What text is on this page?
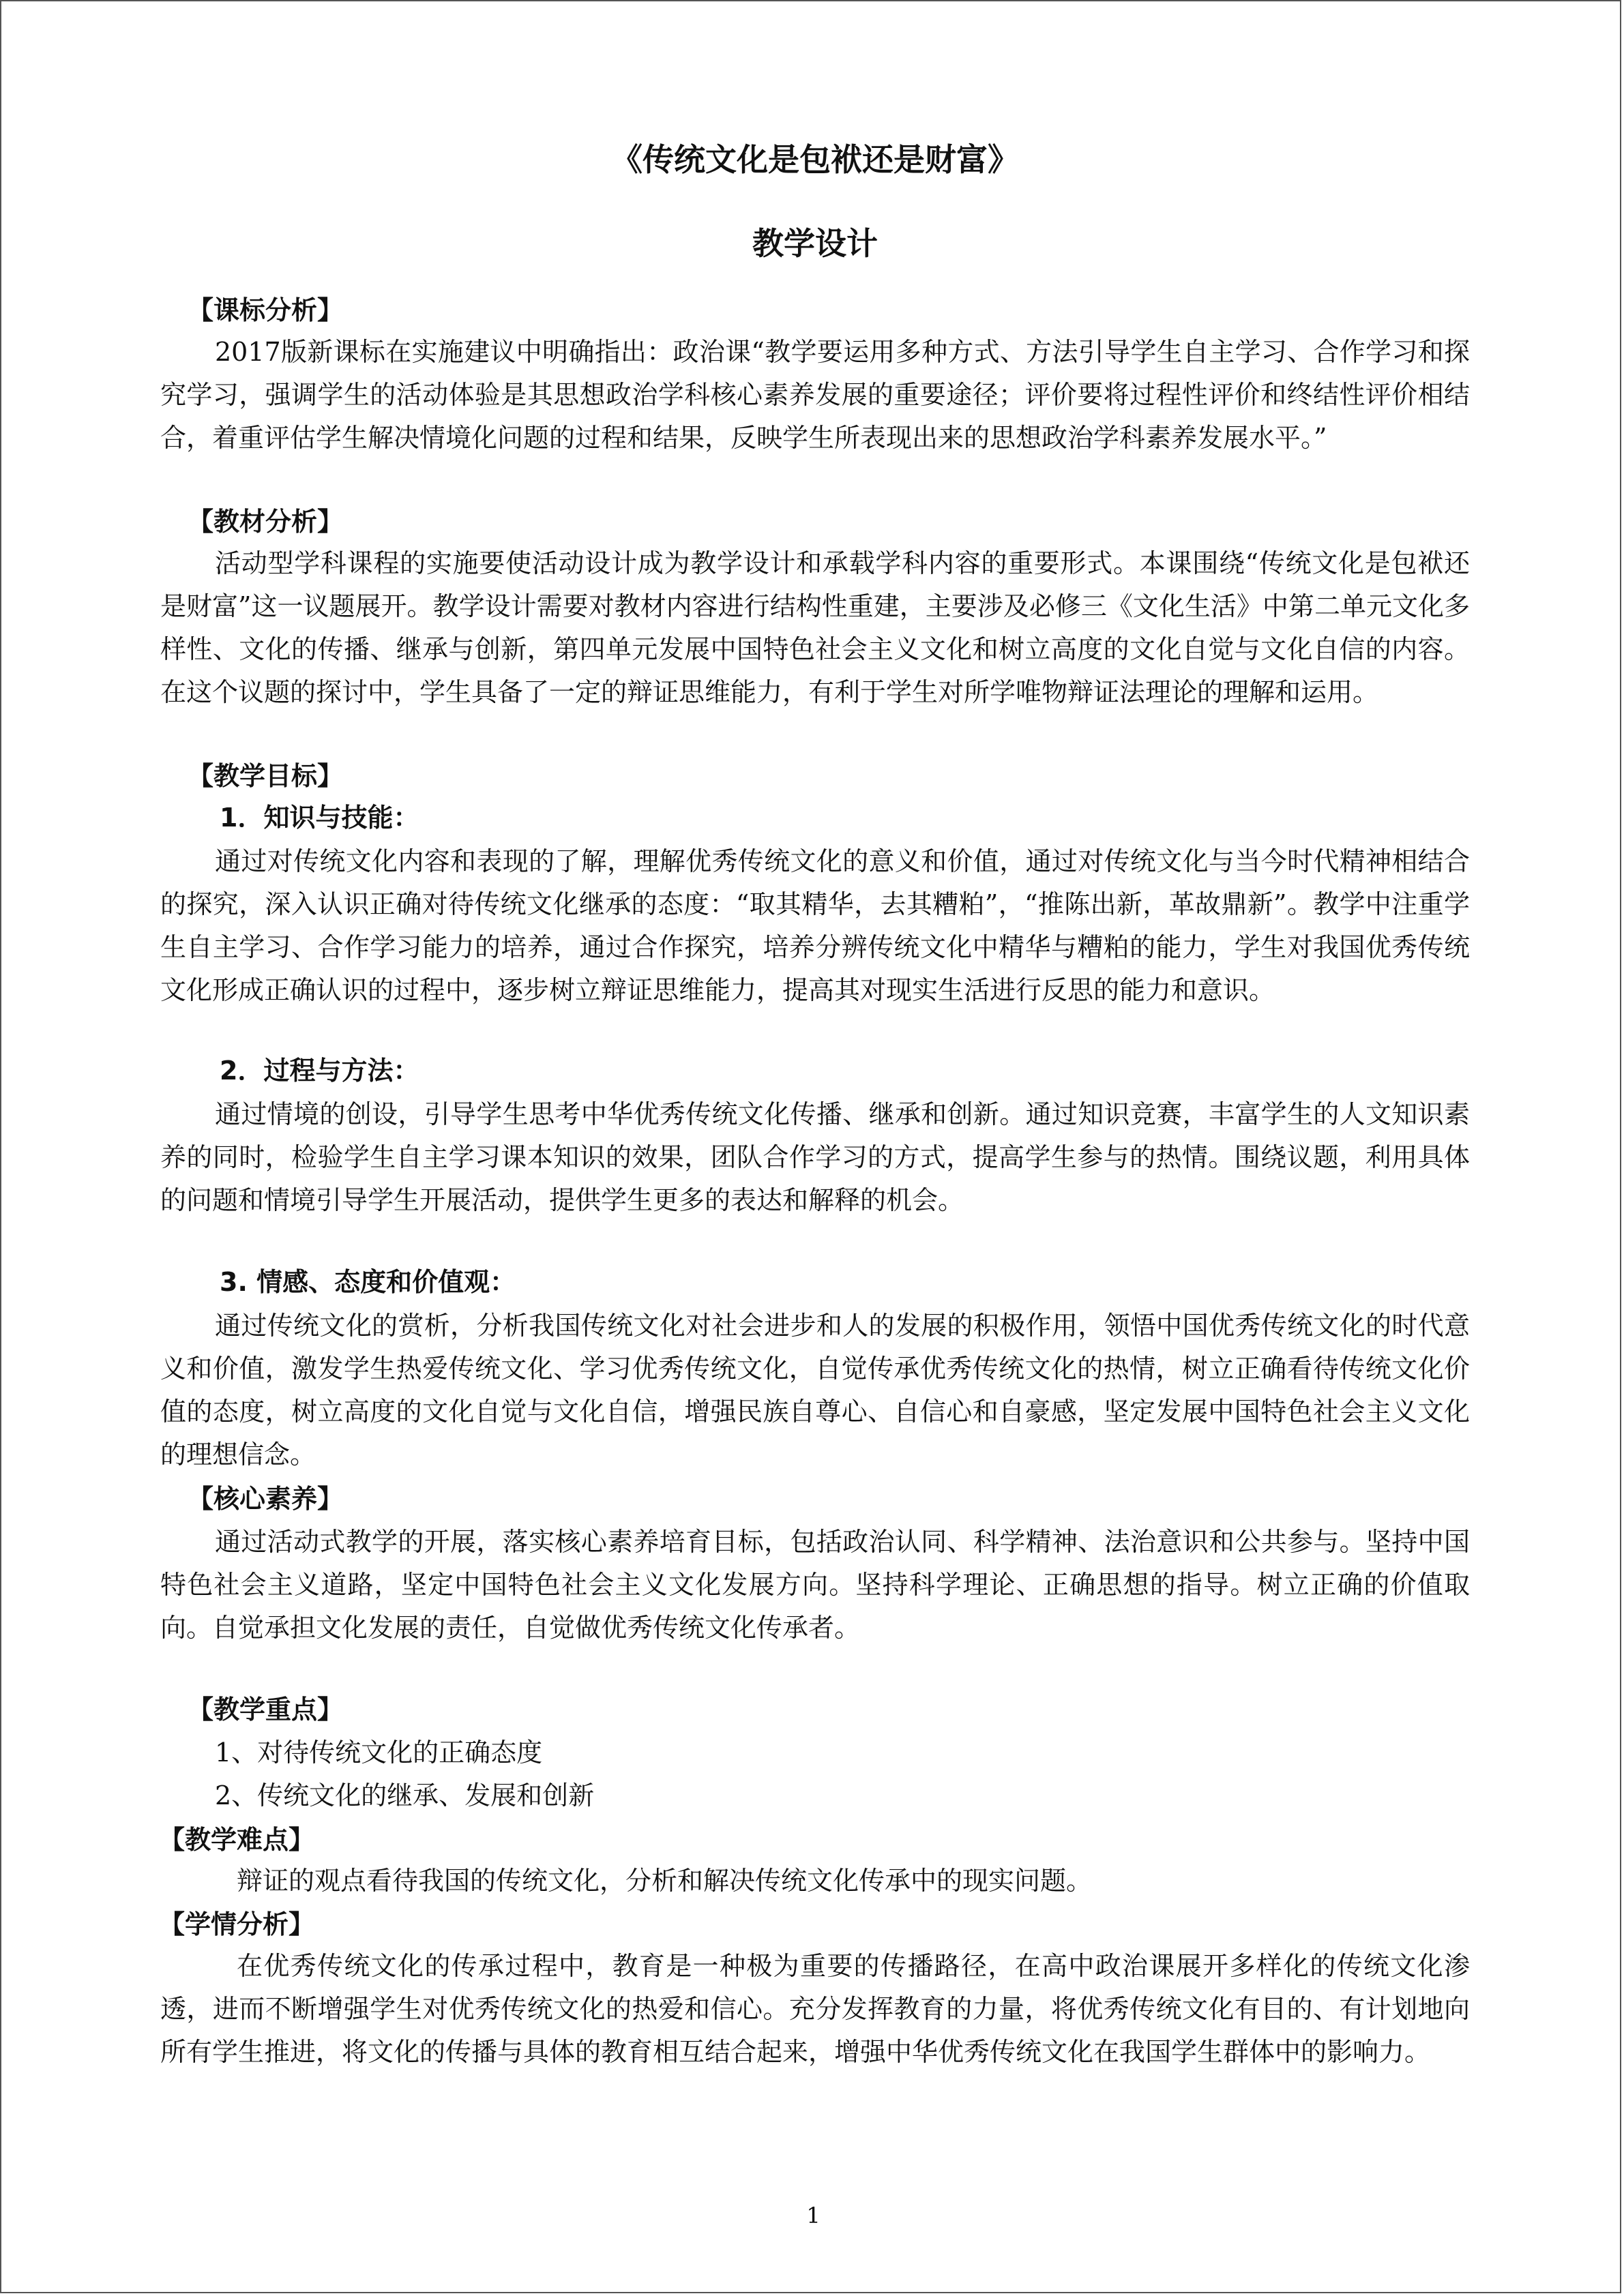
《传统文化是包袱还是财富》
教学设计
【课标分析】
2017版新课标在实施建议中明确指出：政治课“教学要运用多种方式、方法引导学生自主学习、合作学习和探究学习，强调学生的活动体验是其思想政治学科核心素养发展的重要途径；评价要将过程性评价和终结性评价相结合，着重评估学生解决情境化问题的过程和结果，反映学生所表现出来的思想政治学科素养发展水平。”
【教材分析】
活动型学科课程的实施要使活动设计成为教学设计和承载学科内容的重要形式。本课围绕“传统文化是包袱还是财富”这一议题展开。教学设计需要对教材内容进行结构性重建，主要涉及必修三《文化生活》中第二单元文化多样性、文化的传播、继承与创新，第四单元发展中国特色社会主义文化和树立高度的文化自觉与文化自信的内容。在这个议题的探讨中，学生具备了一定的辩证思维能力，有利于学生对所学唯物辩证法理论的理解和运用。
【教学目标】
1．知识与技能：
通过对传统文化内容和表现的了解，理解优秀传统文化的意义和价值，通过对传统文化与当今时代精神相结合的探究，深入认识正确对待传统文化继承的态度：“取其精华，去其糟粕”，“推陈出新，革故鼎新”。教学中注重学生自主学习、合作学习能力的培养，通过合作探究，培养分辨传统文化中精华与糟粕的能力，学生对我国优秀传统文化形成正确认识的过程中，逐步树立辩证思维能力，提高其对现实生活进行反思的能力和意识。
2．过程与方法：
通过情境的创设，引导学生思考中华优秀传统文化传播、继承和创新。通过知识竞赛，丰富学生的人文知识素养的同时，检验学生自主学习课本知识的效果，团队合作学习的方式，提高学生参与的热情。围绕议题，利用具体的问题和情境引导学生开展活动，提供学生更多的表达和解释的机会。
3. 情感、态度和价值观：
通过传统文化的赏析，分析我国传统文化对社会进步和人的发展的积极作用，领悟中国优秀传统文化的时代意义和价值，激发学生热爱传统文化、学习优秀传统文化，自觉传承优秀传统文化的热情，树立正确看待传统文化价值的态度，树立高度的文化自觉与文化自信，增强民族自尊心、自信心和自豪感，坚定发展中国特色社会主义文化的理想信念。
【核心素养】
通过活动式教学的开展，落实核心素养培育目标，包括政治认同、科学精神、法治意识和公共参与。坚持中国特色社会主义道路，坚定中国特色社会主义文化发展方向。坚持科学理论、正确思想的指导。树立正确的价值取向。自觉承担文化发展的责任，自觉做优秀传统文化传承者。
【教学重点】
1、对待传统文化的正确态度
2、传统文化的继承、发展和创新
【教学难点】
辩证的观点看待我国的传统文化，分析和解决传统文化传承中的现实问题。
【学情分析】
在优秀传统文化的传承过程中，教育是一种极为重要的传播路径，在高中政治课展开多样化的传统文化渗透，进而不断增强学生对优秀传统文化的热爱和信心。充分发挥教育的力量，将优秀传统文化有目的、有计划地向所有学生推进，将文化的传播与具体的教育相互结合起来，增强中华优秀传统文化在我国学生群体中的影响力。
1
